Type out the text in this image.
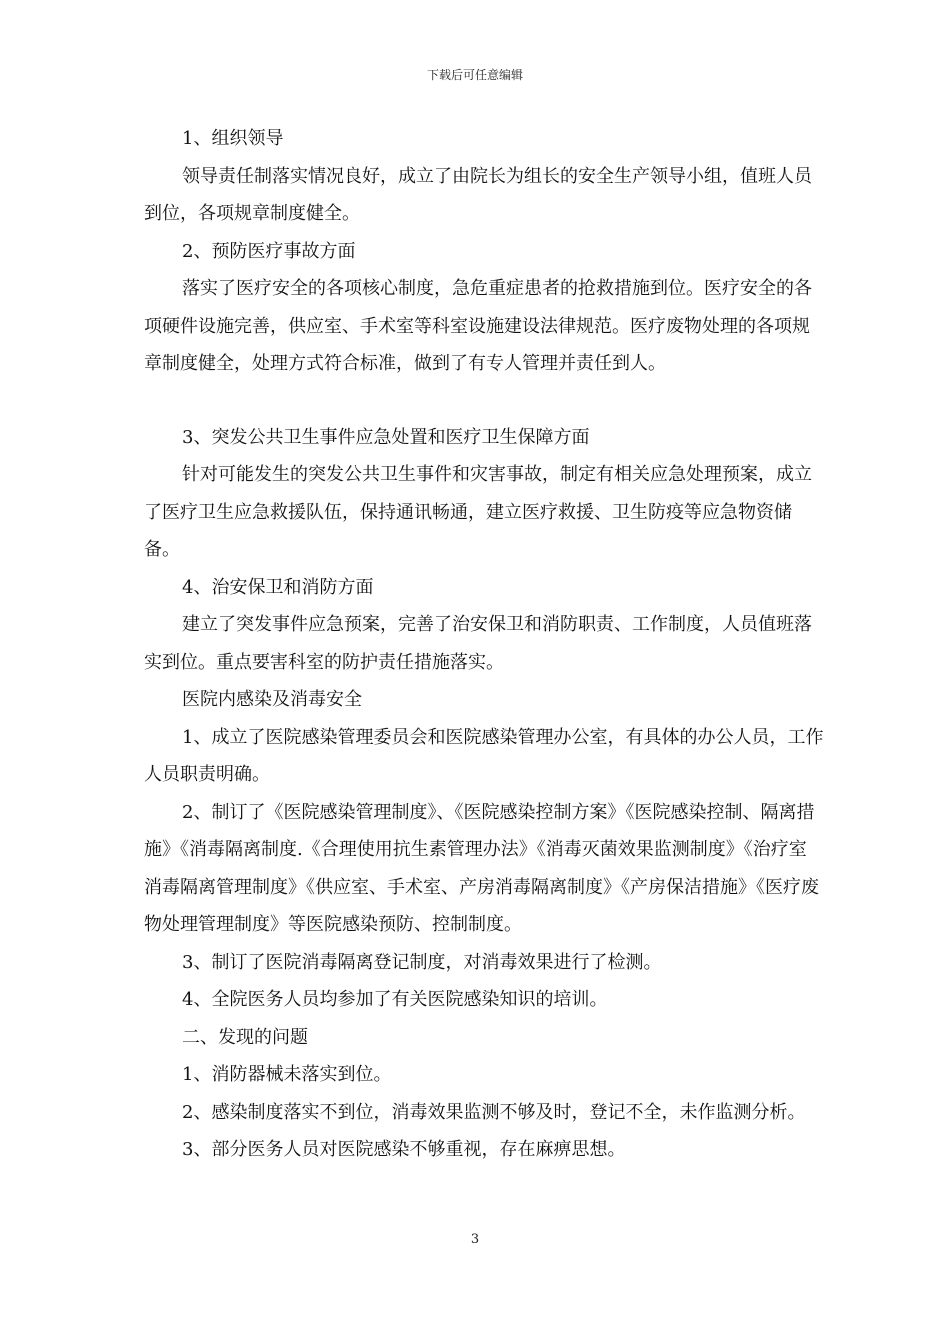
下载后可任意编辑

1、组织领导

领导责任制落实情况良好，成立了由院长为组长的安全生产领导小组，值班人员到位，各项规章制度健全。

2、预防医疗事故方面

落实了医疗安全的各项核心制度，急危重症患者的抢救措施到位。医疗安全的各项硬件设施完善，供应室、手术室等科室设施建设法律规范。医疗废物处理的各项规章制度健全，处理方式符合标准，做到了有专人管理并责任到人。

3、突发公共卫生事件应急处置和医疗卫生保障方面

针对可能发生的突发公共卫生事件和灾害事故，制定有相关应急处理预案，成立了医疗卫生应急救援队伍，保持通讯畅通，建立医疗救援、卫生防疫等应急物资储备。

4、治安保卫和消防方面

建立了突发事件应急预案，完善了治安保卫和消防职责、工作制度，人员值班落实到位。重点要害科室的防护责任措施落实。

医院内感染及消毒安全

1、成立了医院感染管理委员会和医院感染管理办公室，有具体的办公人员，工作人员职责明确。

2、制订了《医院感染管理制度》、《医院感染控制方案》《医院感染控制、隔离措施》《消毒隔离制度.《合理使用抗生素管理办法》《消毒灭菌效果监测制度》《治疗室消毒隔离管理制度》《供应室、手术室、产房消毒隔离制度》《产房保洁措施》《医疗废物处理管理制度》等医院感染预防、控制制度。

3、制订了医院消毒隔离登记制度，对消毒效果进行了检测。

4、全院医务人员均参加了有关医院感染知识的培训。

二、发现的问题

1、消防器械未落实到位。

2、感染制度落实不到位，消毒效果监测不够及时，登记不全，未作监测分析。

3、部分医务人员对医院感染不够重视，存在麻痹思想。

3
